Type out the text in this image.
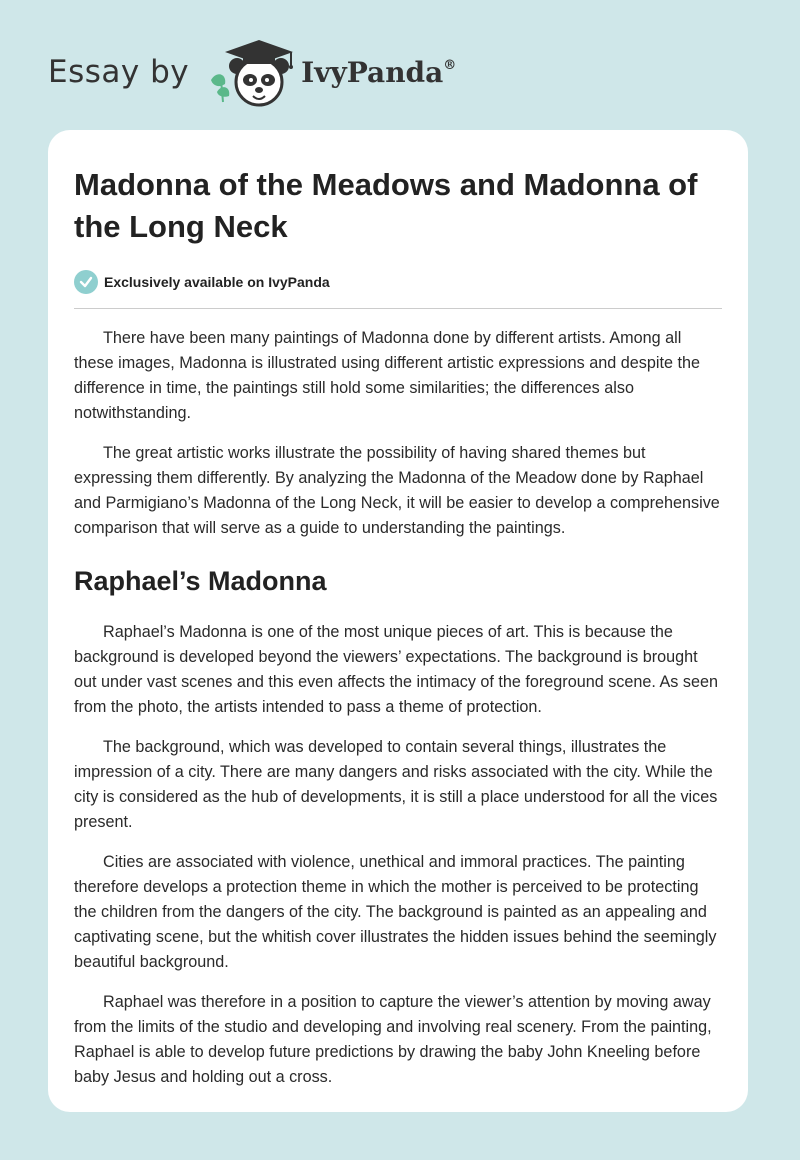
Essay by	IvyPanda®
Madonna of the Meadows and Madonna of the Long Neck
Exclusively available on IvyPanda

There have been many paintings of Madonna done by different artists. Among all these images, Madonna is illustrated using different artistic expressions and despite the difference in time, the paintings still hold some similarities; the differences also notwithstanding.

The great artistic works illustrate the possibility of having shared themes but expressing them differently. By analyzing the Madonna of the Meadow done by Raphael and Parmigiano’s Madonna of the Long Neck, it will be easier to develop a comprehensive comparison that will serve as a guide to understanding the paintings.

Raphael’s Madonna

Raphael’s Madonna is one of the most unique pieces of art. This is because the background is developed beyond the viewers’ expectations. The background is brought out under vast scenes and this even affects the intimacy of the foreground scene. As seen from the photo, the artists intended to pass a theme of protection.

The background, which was developed to contain several things, illustrates the impression of a city. There are many dangers and risks associated with the city. While the city is considered as the hub of developments, it is still a place understood for all the vices present.

Cities are associated with violence, unethical and immoral practices. The painting therefore develops a protection theme in which the mother is perceived to be protecting the children from the dangers of the city. The background is painted as an appealing and captivating scene, but the whitish cover illustrates the hidden issues behind the seemingly beautiful background.

Raphael was therefore in a position to capture the viewer’s attention by moving away from the limits of the studio and developing and involving real scenery. From the painting, Raphael is able to develop future predictions by drawing the baby John Kneeling before baby Jesus and holding out a cross.
